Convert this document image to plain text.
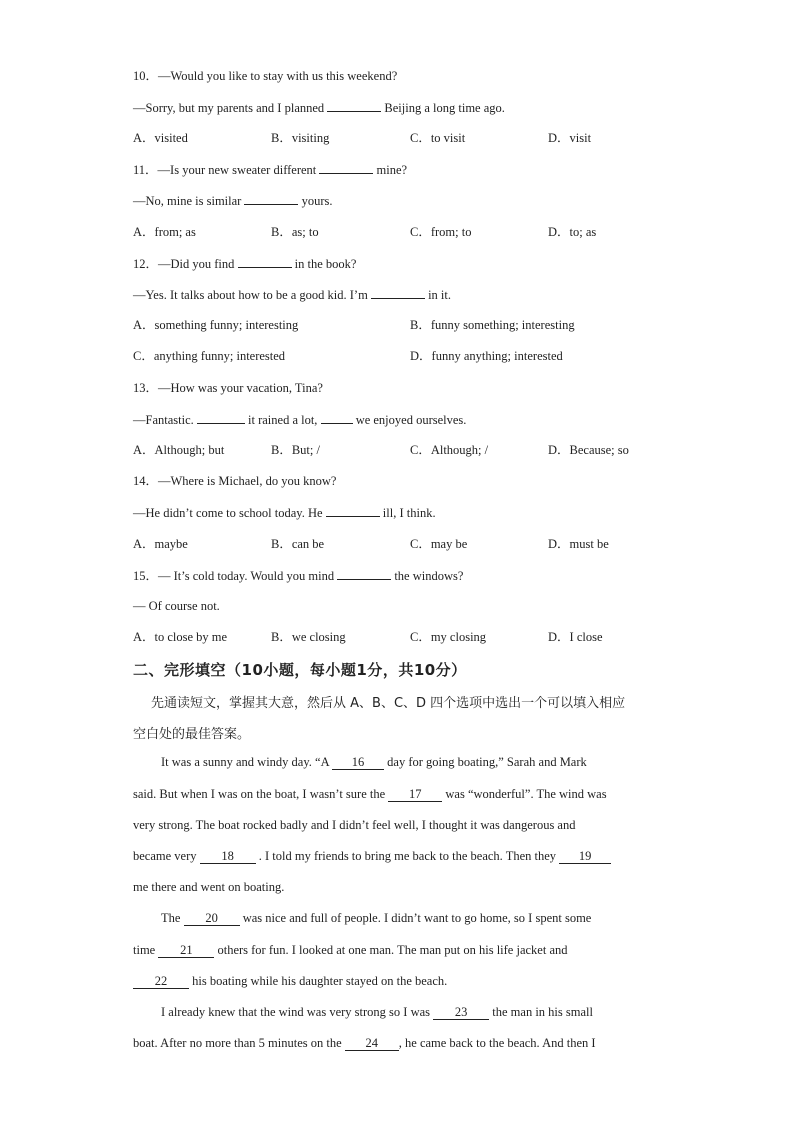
10．—Would you like to stay with us this weekend?
—Sorry, but my parents and I planned	Beijing a long time ago.
A．visited	B．visiting	C．to visit	D．visit
11．—Is your new sweater different	mine?
—No, mine is similar	yours.
A．from; as	B．as; to	C．from; to	D．to; as
12．—Did you find	in the book?
—Yes. It talks about how to be a good kid. I’m	in it.
A．something funny; interesting	B．funny something; interesting
C．anything funny; interested	D．funny anything; interested
13．—How was your vacation, Tina?
—Fantastic.	it rained a lot,	we enjoyed ourselves.
A．Although; but	B．But; /	C．Although; /	D．Because; so
14．—Where is Michael, do you know?
—He didn’t come to school today. He	ill, I think.
A．maybe	B．can be	C．may be	D．must be
15．— It’s cold today. Would you mind	the windows?
— Of course not.
A．to close by me	B．we closing	C．my closing	D．I close
二、完形填空（10小题，每小题1分，共10分）
先通读短文，掌握其大意，然后从 A、B、C、D 四个选项中选出一个可以填入相应
空白处的最佳答案。
It was a sunny and windy day. “A 16 day for going boating,” Sarah and Mark
said. But when I was on the boat, I wasn’t sure the 17 was “wonderful”. The wind was
very strong. The boat rocked badly and I didn’t feel well, I thought it was dangerous and
became very 18 . I told my friends to bring me back to the beach. Then they 19
me there and went on boating.
The 20 was nice and full of people. I didn’t want to go home, so I spent some
time 21 others for fun. I looked at one man. The man put on his life jacket and
22 his boating while his daughter stayed on the beach.
I already knew that the wind was very strong so I was 23 the man in his small
boat. After no more than 5 minutes on the 24 , he came back to the beach. And then I
